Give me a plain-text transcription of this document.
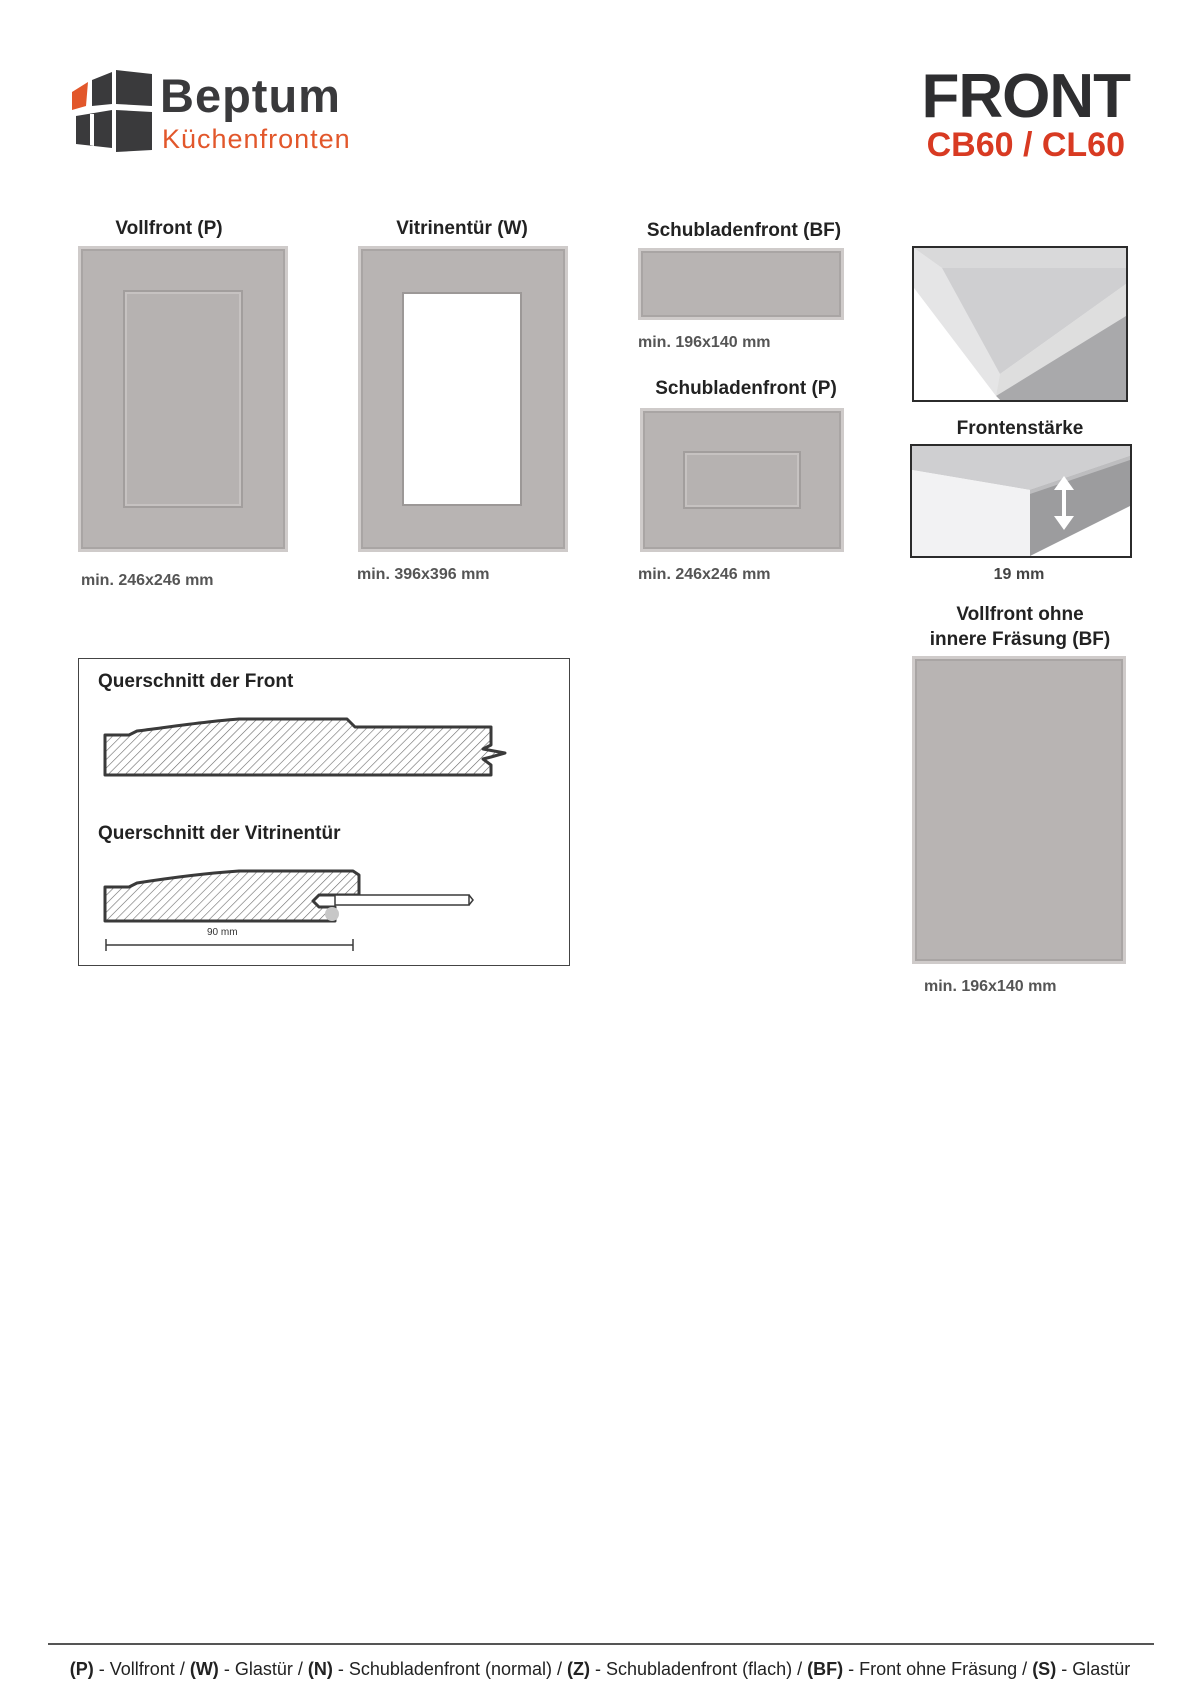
Beptum
Küchenfronten
FRONT
CB60 / CL60
Vollfront (P)
min. 246x246 mm
Vitrinentür (W)
min. 396x396 mm
Schubladenfront (BF)
min. 196x140 mm
Schubladenfront (P)
min. 246x246 mm
Frontenstärke
19 mm
Vollfront ohne
innere Fräsung (BF)
min. 196x140 mm
Querschnitt der Front
Querschnitt der Vitrinentür
90 mm
(P) - Vollfront / (W) - Glastür / (N) - Schubladenfront (normal) / (Z) - Schubladenfront (flach) / (BF) - Front ohne Fräsung / (S) - Glastür
